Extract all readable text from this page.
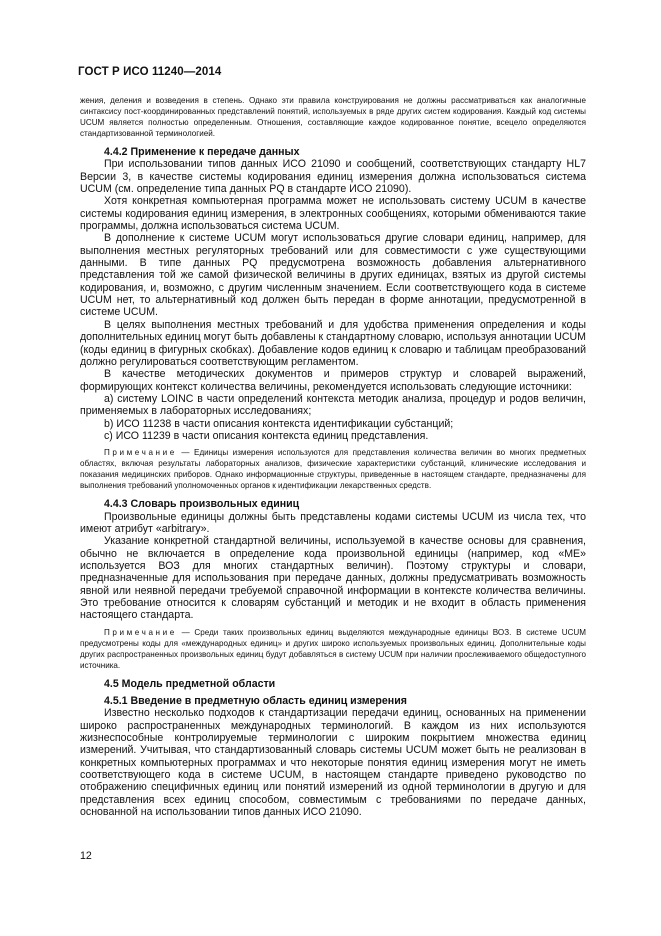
ГОСТ Р ИСО 11240—2014

жения, деления и возведения в степень. Однако эти правила конструирования не должны рассматриваться как аналогичные синтаксису пост-координированных представлений понятий, используемых в ряде других систем кодирования. Каждый код системы UCUM является полностью определенным. Отношения, составляющие каждое кодированное понятие, всецело определяются стандартизованной терминологией.

4.4.2 Применение к передаче данных

При использовании типов данных ИСО 21090 и сообщений, соответствующих стандарту HL7 Версии 3, в качестве системы кодирования единиц измерения должна использоваться система UCUM (см. определение типа данных PQ в стандарте ИСО 21090).

Хотя конкретная компьютерная программа может не использовать систему UCUM в качестве системы кодирования единиц измерения, в электронных сообщениях, которыми обмениваются такие программы, должна использоваться система UCUM.

В дополнение к системе UCUM могут использоваться другие словари единиц, например, для выполнения местных регуляторных требований или для совместимости с уже существующими данными. В типе данных PQ предусмотрена возможность добавления альтернативного представления той же самой физической величины в других единицах, взятых из другой системы кодирования, и, возможно, с другим численным значением. Если соответствующего кода в системе UCUM нет, то альтернативный код должен быть передан в форме аннотации, предусмотренной в системе UCUM.

В целях выполнения местных требований и для удобства применения определения и коды дополнительных единиц могут быть добавлены к стандартному словарю, используя аннотации UCUM (коды единиц в фигурных скобках). Добавление кодов единиц к словарю и таблицам преобразований должно регулироваться соответствующим регламентом.

В качестве методических документов и примеров структур и словарей выражений, формирующих контекст количества величины, рекомендуется использовать следующие источники:

а) систему LOINC в части определений контекста методик анализа, процедур и родов величин, применяемых в лабораторных исследованиях;

b) ИСО 11238 в части описания контекста идентификации субстанций;

c) ИСО 11239 в части описания контекста единиц представления.

Примечание — Единицы измерения используются для представления количества величин во многих предметных областях, включая результаты лабораторных анализов, физические характеристики субстанций, клинические исследования и показания медицинских приборов. Однако информационные структуры, приведенные в настоящем стандарте, предназначены для выполнения требований уполномоченных органов к идентификации лекарственных средств.

4.4.3 Словарь произвольных единиц

Произвольные единицы должны быть представлены кодами системы UCUM из числа тех, что имеют атрибут «arbitrary».

Указание конкретной стандартной величины, используемой в качестве основы для сравнения, обычно не включается в определение кода произвольной единицы (например, код «МЕ» используется ВОЗ для многих стандартных величин). Поэтому структуры и словари, предназначенные для использования при передаче данных, должны предусматривать возможность явной или неявной передачи требуемой справочной информации в контексте количества величины. Это требование относится к словарям субстанций и методик и не входит в область применения настоящего стандарта.

Примечание — Среди таких произвольных единиц выделяются международные единицы ВОЗ. В системе UCUM предусмотрены коды для «международных единиц» и других широко используемых произвольных единиц. Дополнительные коды других распространенных произвольных единиц будут добавляться в систему UCUM при наличии прослеживаемого общедоступного источника.

4.5 Модель предметной области
4.5.1 Введение в предметную область единиц измерения

Известно несколько подходов к стандартизации передачи единиц, основанных на применении широко распространенных международных терминологий. В каждом из них используются жизнеспособные контролируемые терминологии с широким покрытием множества единиц измерений. Учитывая, что стандартизованный словарь системы UCUM может быть не реализован в конкретных компьютерных программах и что некоторые понятия единиц измерения могут не иметь соответствующего кода в системе UCUM, в настоящем стандарте приведено руководство по отображению специфичных единиц или понятий измерений из одной терминологии в другую и для представления всех единиц способом, совместимым с требованиями по передаче данных, основанной на использовании типов данных ИСО 21090.

12
